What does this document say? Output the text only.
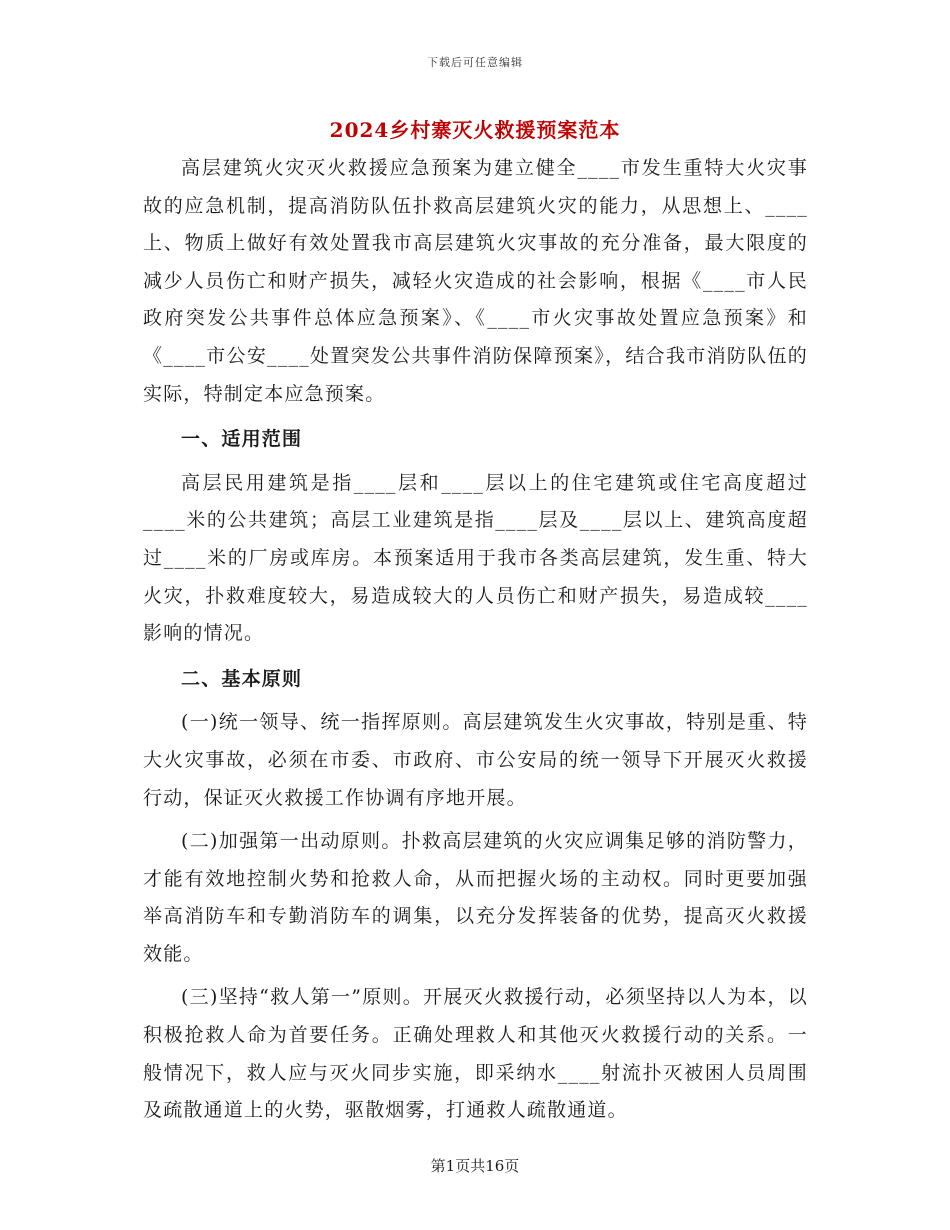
下载后可任意编辑
2024乡村寨灭火救援预案范本

高层建筑火灾灭火救援应急预案为建立健全____市发生重特大火灾事故的应急机制，提高消防队伍扑救高层建筑火灾的能力，从思想上、____上、物质上做好有效处置我市高层建筑火灾事故的充分准备，最大限度的减少人员伤亡和财产损失，减轻火灾造成的社会影响，根据《____市人民政府突发公共事件总体应急预案》、《____市火灾事故处置应急预案》和《____市公安____处置突发公共事件消防保障预案》，结合我市消防队伍的实际，特制定本应急预案。

一、适用范围

高层民用建筑是指____层和____层以上的住宅建筑或住宅高度超过____米的公共建筑；高层工业建筑是指____层及____层以上、建筑高度超过____米的厂房或库房。本预案适用于我市各类高层建筑，发生重、特大火灾，扑救难度较大，易造成较大的人员伤亡和财产损失，易造成较____影响的情况。

二、基本原则

(一)统一领导、统一指挥原则。高层建筑发生火灾事故，特别是重、特大火灾事故，必须在市委、市政府、市公安局的统一领导下开展灭火救援行动，保证灭火救援工作协调有序地开展。

(二)加强第一出动原则。扑救高层建筑的火灾应调集足够的消防警力，才能有效地控制火势和抢救人命，从而把握火场的主动权。同时更要加强举高消防车和专勤消防车的调集，以充分发挥装备的优势，提高灭火救援效能。

(三)坚持“救人第一”原则。开展灭火救援行动，必须坚持以人为本，以积极抢救人命为首要任务。正确处理救人和其他灭火救援行动的关系。一般情况下，救人应与灭火同步实施，即采纳水____射流扑灭被困人员周围及疏散通道上的火势，驱散烟雾，打通救人疏散通道。

第1页共16页
